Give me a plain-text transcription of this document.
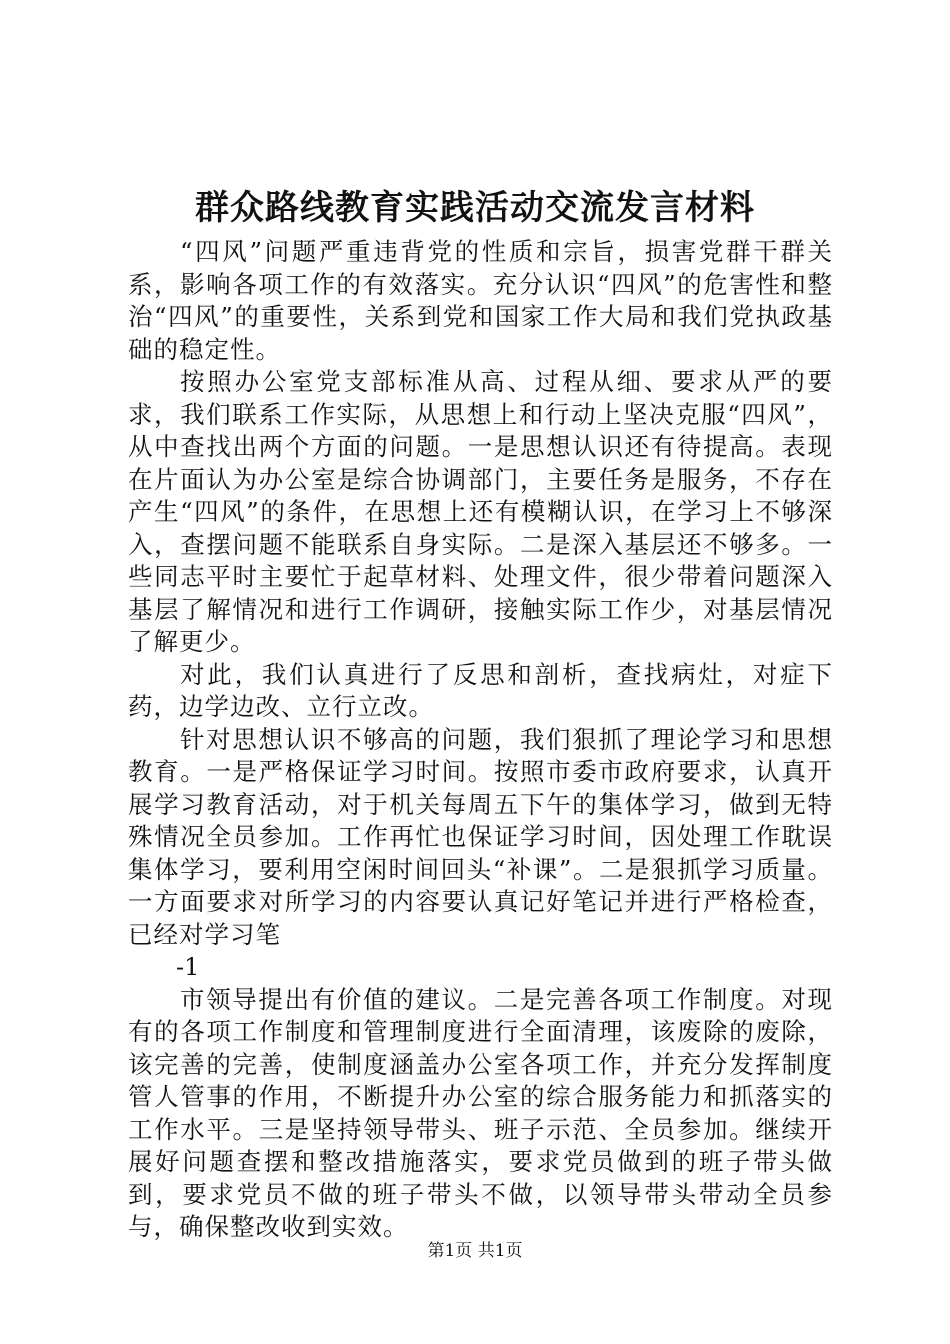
群众路线教育实践活动交流发言材料

“四风”问题严重违背党的性质和宗旨，损害党群干群关系，影响各项工作的有效落实。充分认识“四风”的危害性和整治“四风”的重要性，关系到党和国家工作大局和我们党执政基础的稳定性。

按照办公室党支部标准从高、过程从细、要求从严的要求，我们联系工作实际，从思想上和行动上坚决克服“四风”，从中查找出两个方面的问题。一是思想认识还有待提高。表现在片面认为办公室是综合协调部门，主要任务是服务，不存在产生“四风”的条件，在思想上还有模糊认识，在学习上不够深入，查摆问题不能联系自身实际。二是深入基层还不够多。一些同志平时主要忙于起草材料、处理文件，很少带着问题深入基层了解情况和进行工作调研，接触实际工作少，对基层情况了解更少。

对此，我们认真进行了反思和剖析，查找病灶，对症下药，边学边改、立行立改。

针对思想认识不够高的问题，我们狠抓了理论学习和思想教育。一是严格保证学习时间。按照市委市政府要求，认真开展学习教育活动，对于机关每周五下午的集体学习，做到无特殊情况全员参加。工作再忙也保证学习时间，因处理工作耽误集体学习，要利用空闲时间回头“补课”。二是狠抓学习质量。一方面要求对所学习的内容要认真记好笔记并进行严格检查，已经对学习笔

-1

市领导提出有价值的建议。二是完善各项工作制度。对现有的各项工作制度和管理制度进行全面清理，该废除的废除，该完善的完善，使制度涵盖办公室各项工作，并充分发挥制度管人管事的作用，不断提升办公室的综合服务能力和抓落实的工作水平。三是坚持领导带头、班子示范、全员参加。继续开展好问题查摆和整改措施落实，要求党员做到的班子带头做到，要求党员不做的班子带头不做，以领导带头带动全员参与，确保整改收到实效。

第1页 共1页
